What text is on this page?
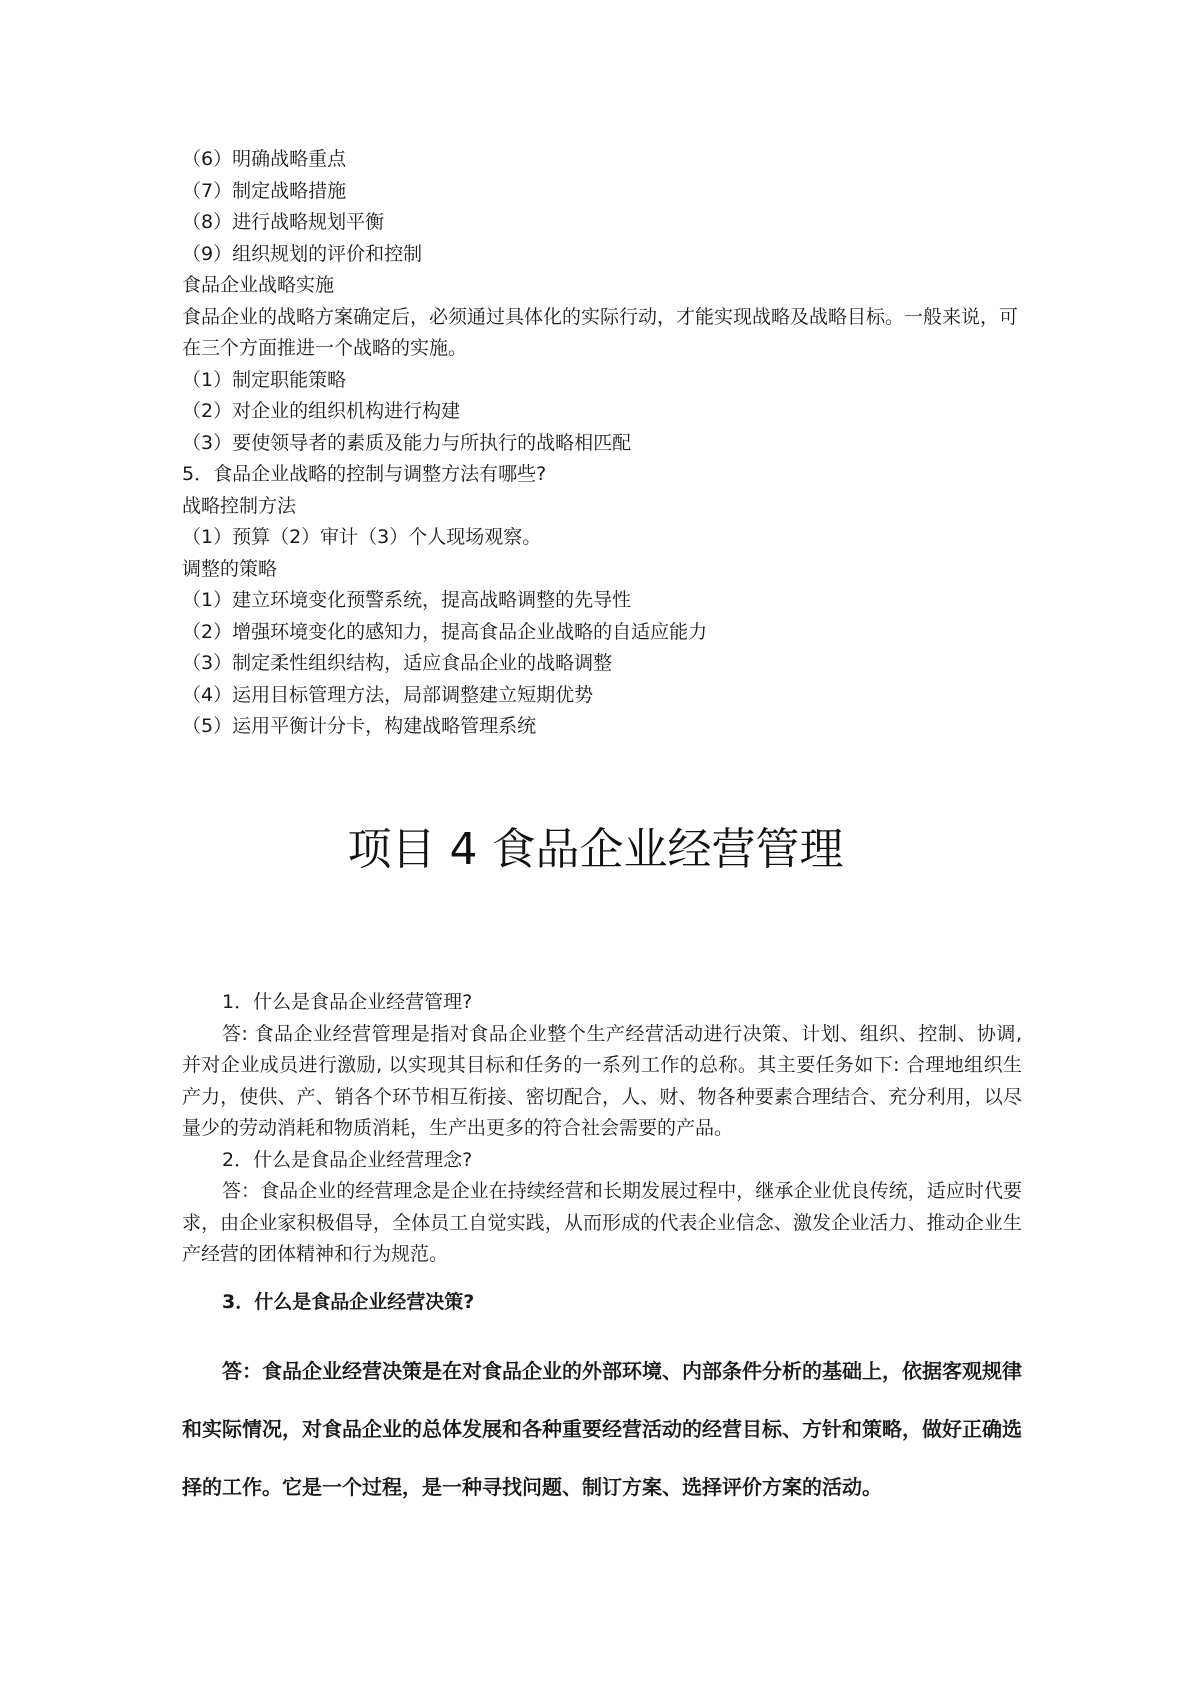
（6）明确战略重点
（7）制定战略措施
（8）进行战略规划平衡
（9）组织规划的评价和控制
食品企业战略实施
食品企业的战略方案确定后，必须通过具体化的实际行动，才能实现战略及战略目标。一般来说，可在三个方面推进一个战略的实施。
（1）制定职能策略
（2）对企业的组织机构进行构建
（3）要使领导者的素质及能力与所执行的战略相匹配
5．食品企业战略的控制与调整方法有哪些?
战略控制方法
（1）预算（2）审计（3）个人现场观察。
调整的策略
（1）建立环境变化预警系统，提高战略调整的先导性
（2）增强环境变化的感知力，提高食品企业战略的自适应能力
（3）制定柔性组织结构，适应食品企业的战略调整
（4）运用目标管理方法，局部调整建立短期优势
（5）运用平衡计分卡，构建战略管理系统
项目 4 食品企业经营管理
1．什么是食品企业经营管理?

答: 食品企业经营管理是指对食品企业整个生产经营活动进行决策、计划、组织、控制、协调, 并对企业成员进行激励, 以实现其目标和任务的一系列工作的总称。其主要任务如下: 合理地组织生产力，使供、产、销各个环节相互衔接、密切配合，人、财、物各种要素合理结合、充分利用，以尽量少的劳动消耗和物质消耗，生产出更多的符合社会需要的产品。

2．什么是食品企业经营理念?

答：食品企业的经营理念是企业在持续经营和长期发展过程中，继承企业优良传统，适应时代要求，由企业家积极倡导，全体员工自觉实践，从而形成的代表企业信念、激发企业活力、推动企业生产经营的团体精神和行为规范。

3．什么是食品企业经营决策?

答：食品企业经营决策是在对食品企业的外部环境、内部条件分析的基础上，依据客观规律和实际情况，对食品企业的总体发展和各种重要经营活动的经营目标、方针和策略，做好正确选择的工作。它是一个过程，是一种寻找问题、制订方案、选择评价方案的活动。
